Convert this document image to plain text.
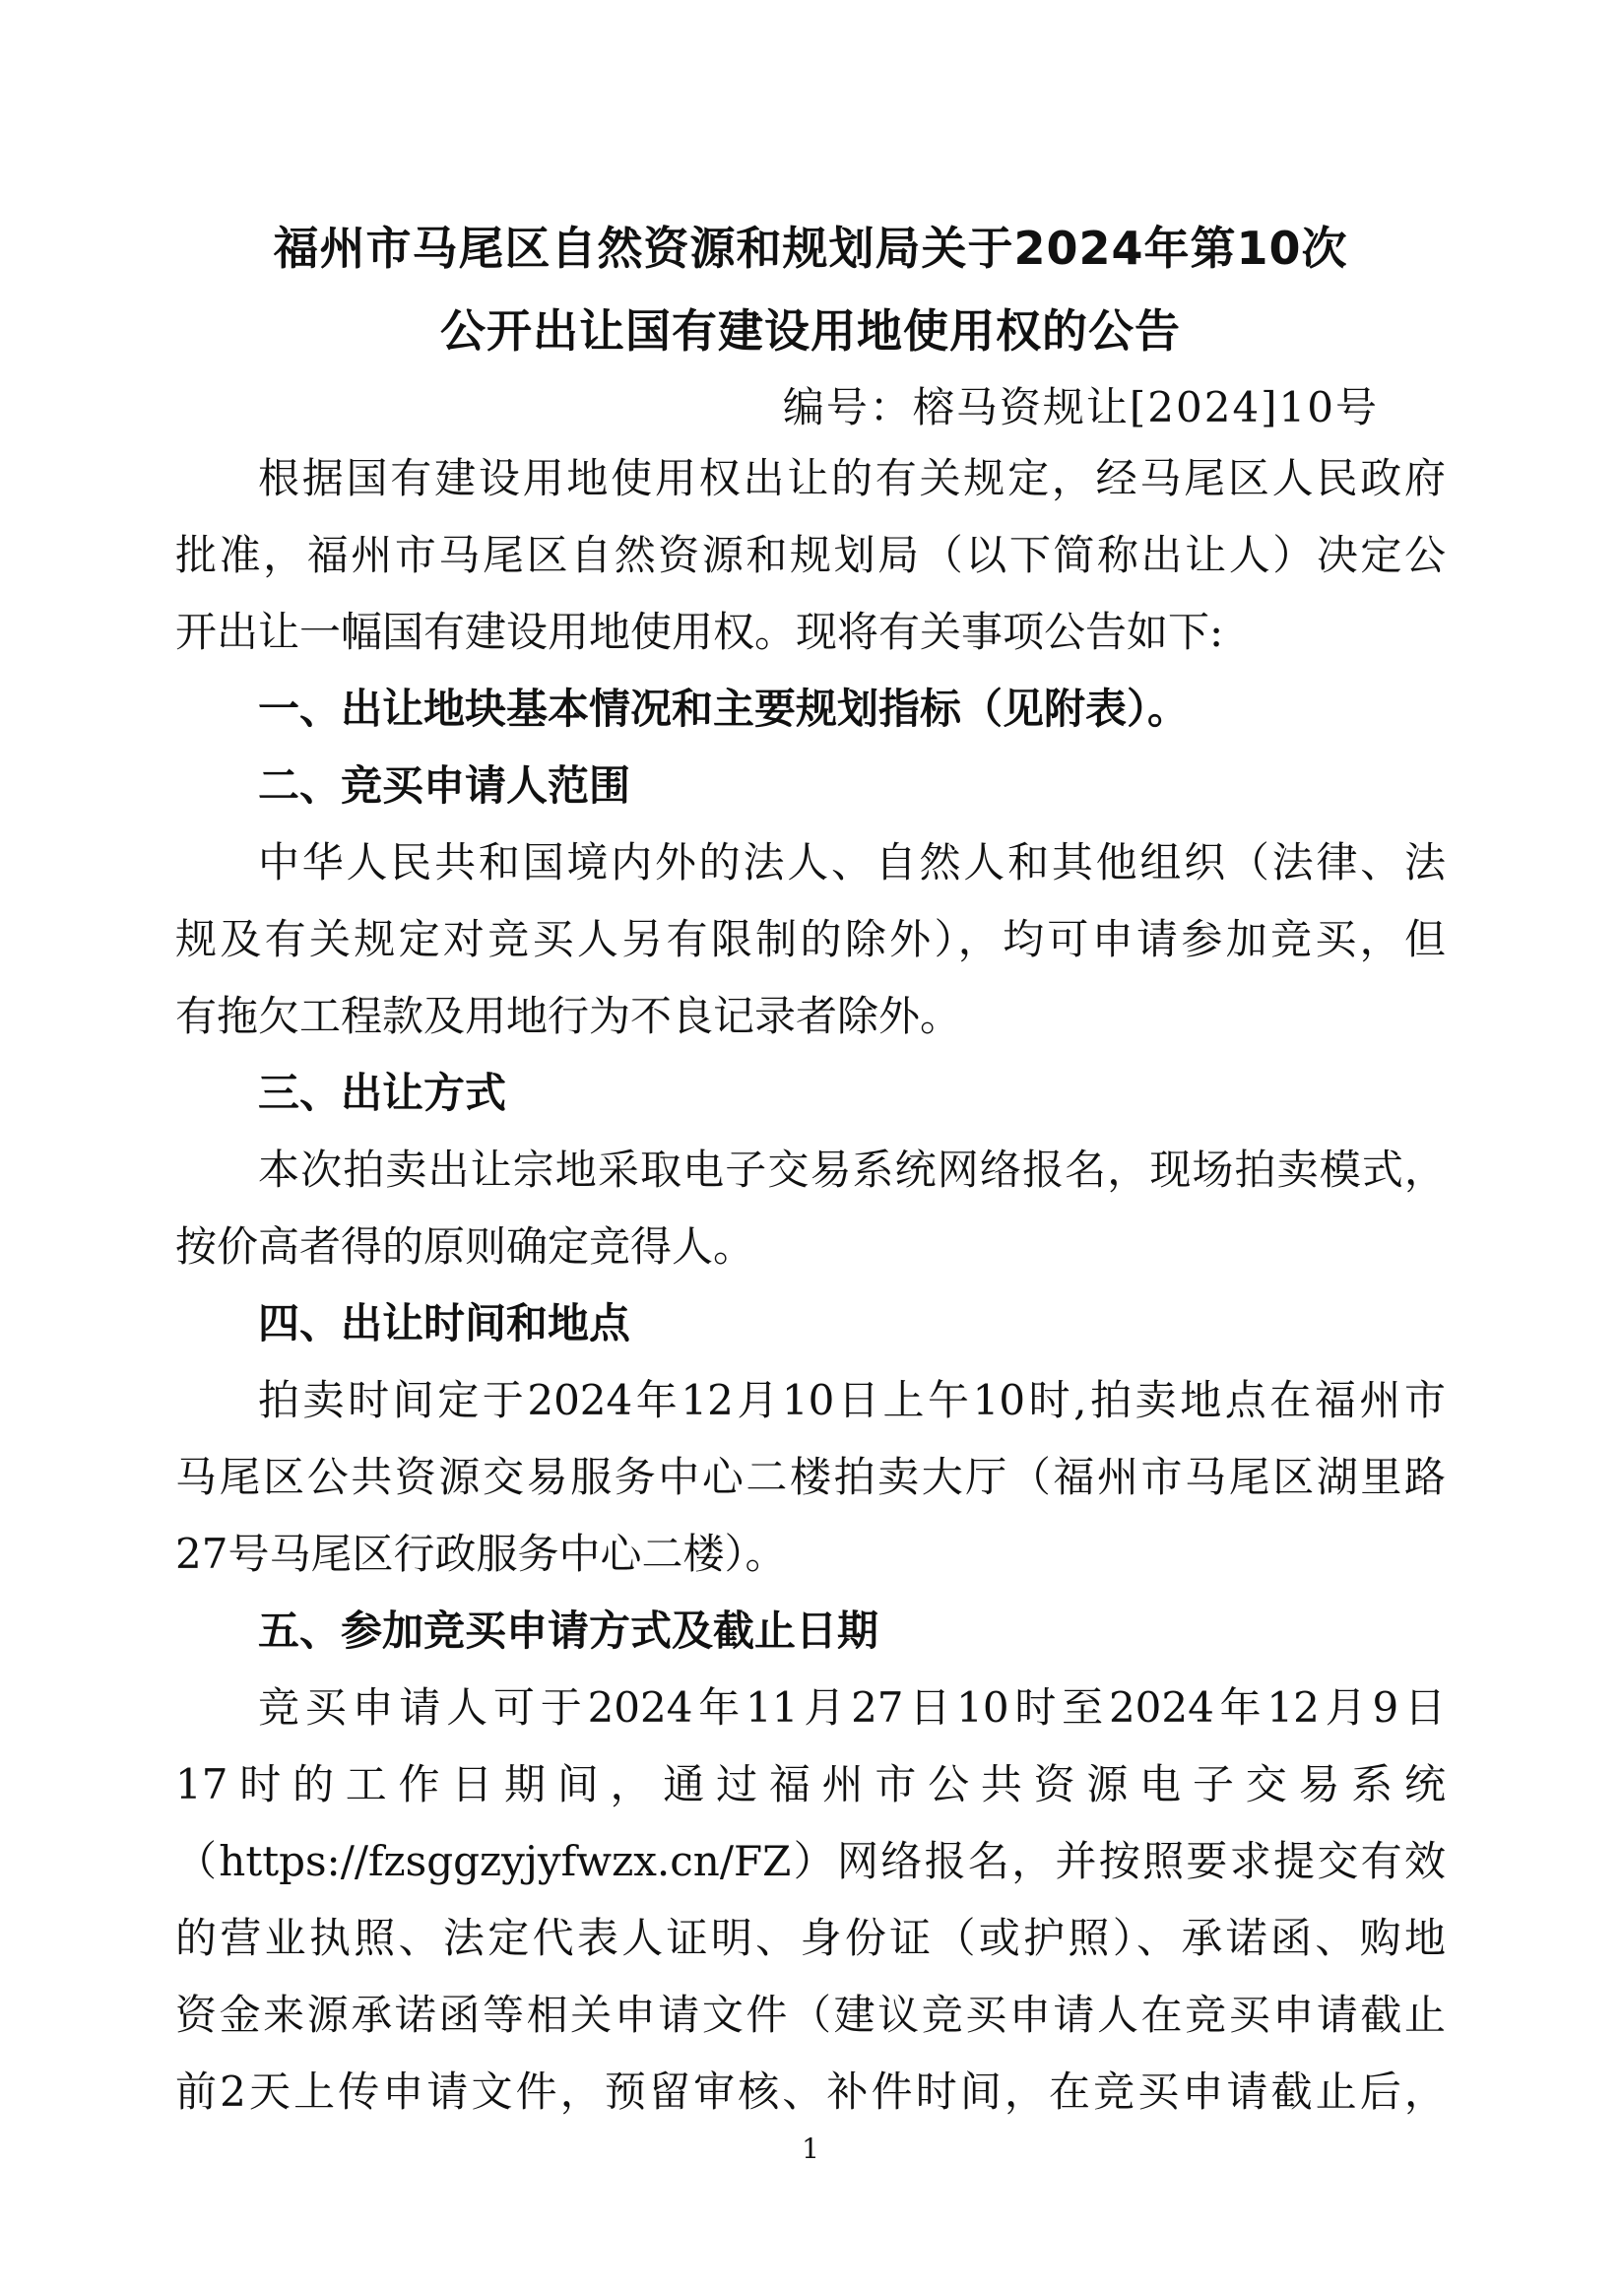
福州市马尾区自然资源和规划局关于2024年第10次
公开出让国有建设用地使用权的公告
编号：榕马资规让[2024]10号
根据国有建设用地使用权出让的有关规定，经马尾区人民政府
批准，福州市马尾区自然资源和规划局（以下简称出让人）决定公
开出让一幅国有建设用地使用权。现将有关事项公告如下:
一、出让地块基本情况和主要规划指标（见附表）。
二、竞买申请人范围
中华人民共和国境内外的法人、自然人和其他组织（法律、法
规及有关规定对竞买人另有限制的除外），均可申请参加竞买，但
有拖欠工程款及用地行为不良记录者除外。
三、出让方式
本次拍卖出让宗地采取电子交易系统网络报名，现场拍卖模式，
按价高者得的原则确定竞得人。
四、出让时间和地点
拍卖时间定于2024年12月10日上午10时,拍卖地点在福州市
马尾区公共资源交易服务中心二楼拍卖大厅（福州市马尾区湖里路
27号马尾区行政服务中心二楼）。
五、参加竞买申请方式及截止日期
竞买申请人可于2024年11月27日10时至2024年12月9日
17时的工作日期间，通过福州市公共资源电子交易系统
（https://fzsggzyjyfwzx.cn/FZ）网络报名，并按照要求提交有效
的营业执照、法定代表人证明、身份证（或护照）、承诺函、购地
资金来源承诺函等相关申请文件（建议竞买申请人在竞买申请截止
前2天上传申请文件，预留审核、补件时间，在竞买申请截止后，
1
